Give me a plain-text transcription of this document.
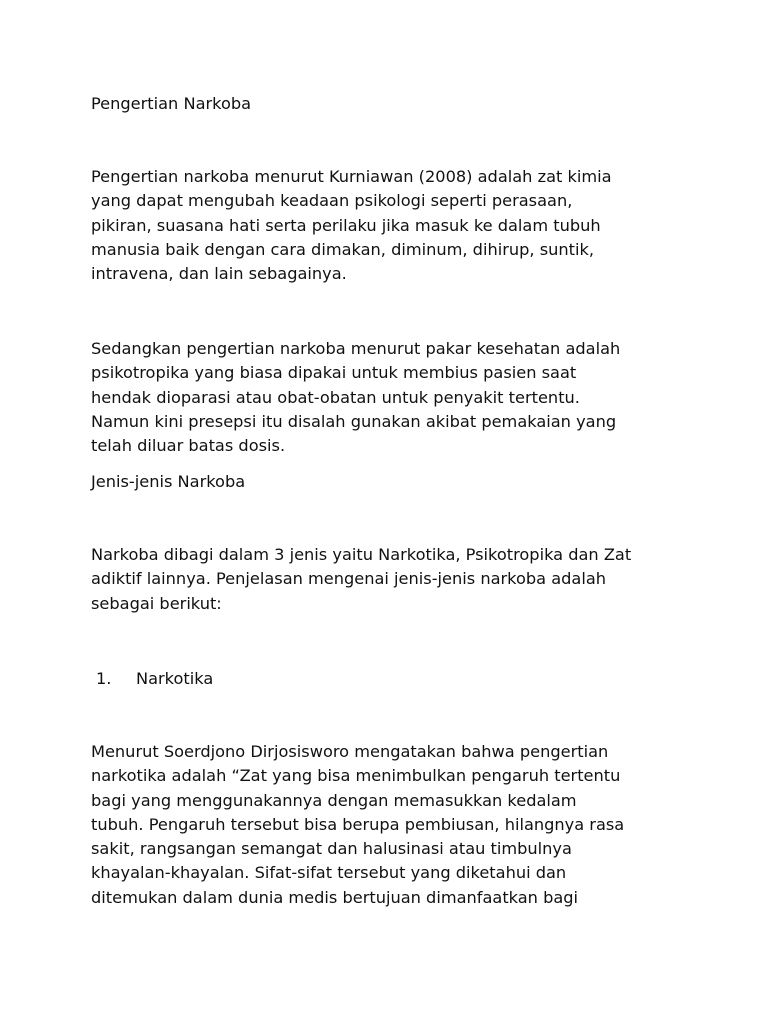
Pengertian Narkoba
Pengertian narkoba menurut Kurniawan (2008) adalah zat kimia
yang dapat mengubah keadaan psikologi seperti perasaan,
pikiran, suasana hati serta perilaku jika masuk ke dalam tubuh
manusia baik dengan cara dimakan, diminum, dihirup, suntik,
intravena, dan lain sebagainya.
Sedangkan pengertian narkoba menurut pakar kesehatan adalah
psikotropika yang biasa dipakai untuk membius pasien saat
hendak dioparasi atau obat-obatan untuk penyakit tertentu.
Namun kini presepsi itu disalah gunakan akibat pemakaian yang
telah diluar batas dosis.
Jenis-jenis Narkoba
Narkoba dibagi dalam 3 jenis yaitu Narkotika, Psikotropika dan Zat
adiktif lainnya. Penjelasan mengenai jenis-jenis narkoba adalah
sebagai berikut:
1. Narkotika
Menurut Soerdjono Dirjosisworo mengatakan bahwa pengertian
narkotika adalah “Zat yang bisa menimbulkan pengaruh tertentu
bagi yang menggunakannya dengan memasukkan kedalam
tubuh. Pengaruh tersebut bisa berupa pembiusan, hilangnya rasa
sakit, rangsangan semangat dan halusinasi atau timbulnya
khayalan-khayalan. Sifat-sifat tersebut yang diketahui dan
ditemukan dalam dunia medis bertujuan dimanfaatkan bagi
